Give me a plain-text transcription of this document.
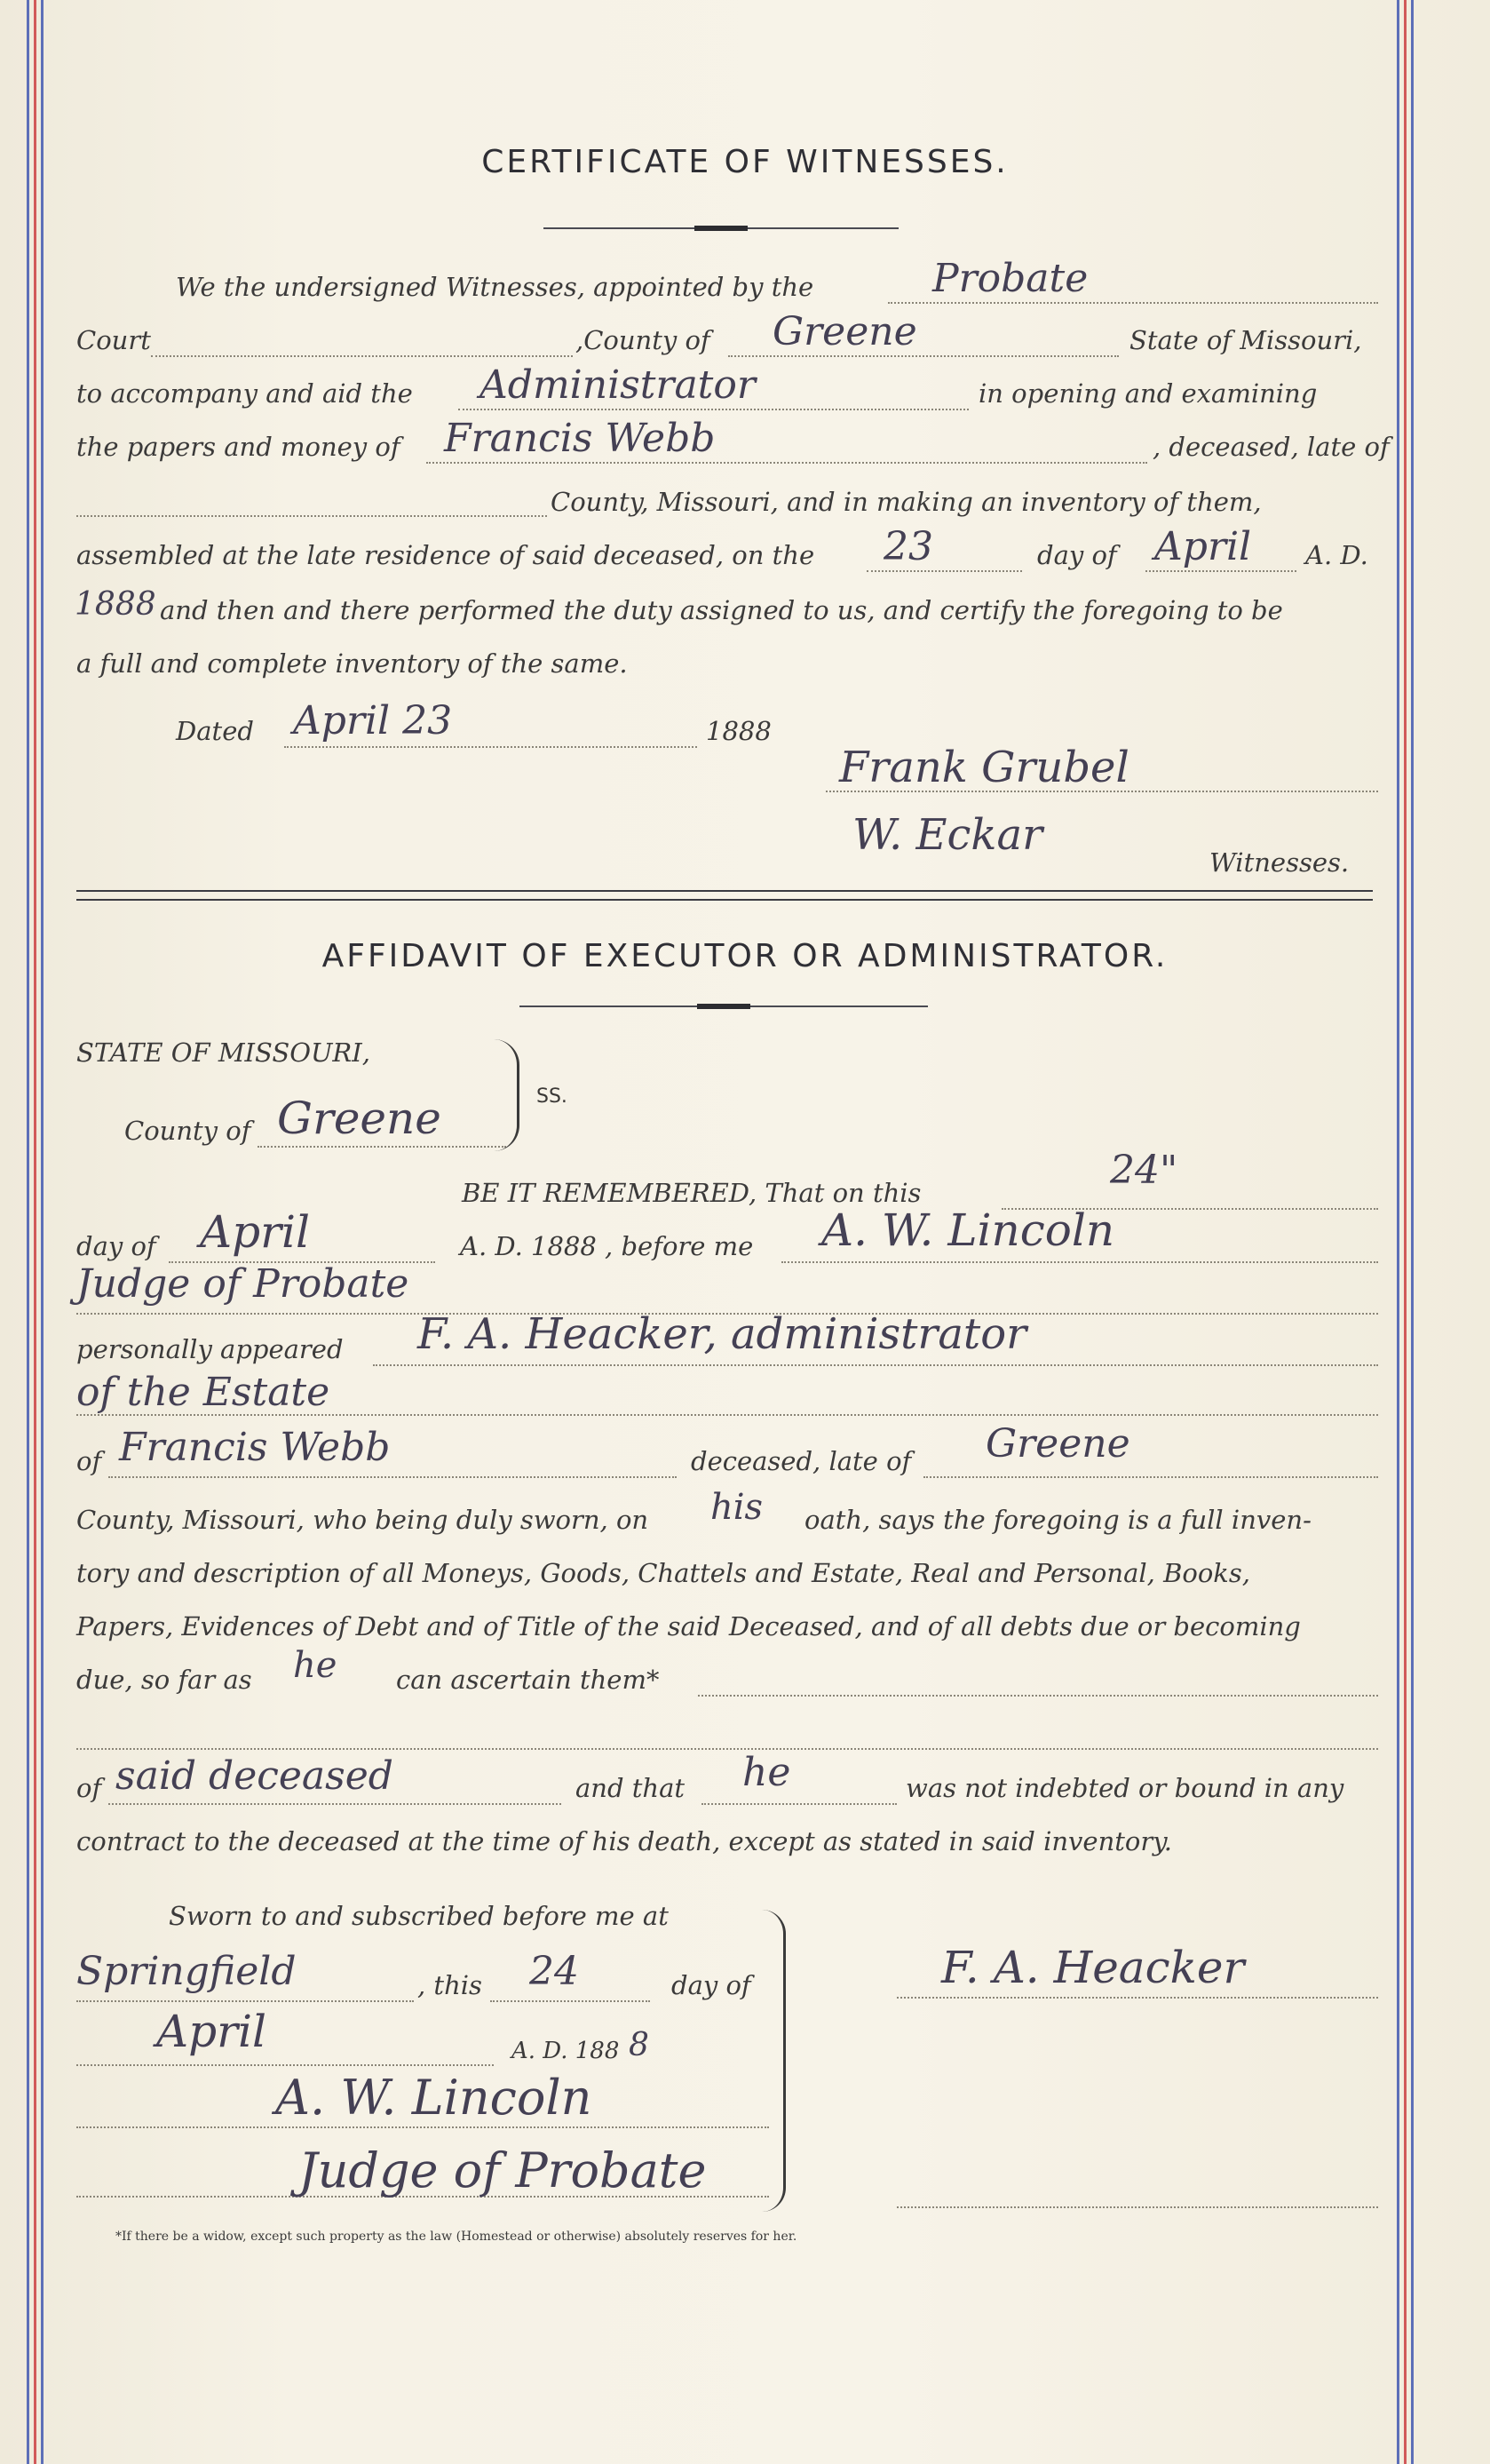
CERTIFICATE OF WITNESSES.
We the undersigned Witnesses, appointed by the	Probate
Court	,County of Greene	State of Missouri,
to accompany and aid the Administrator	in opening and examining
the papers and money of Francis Webb	, deceased, late of
County, Missouri, and in making an inventory of them,
assembled at the late residence of said deceased, on the 23	day of April A. D.
1888 and then and there performed the duty assigned to us, and certify the foregoing to be
a full and complete inventory of the same.
Dated April 23	1888
Frank Grubel
W. Eckar
Witnesses.
AFFIDAVIT OF EXECUTOR OR ADMINISTRATOR.
STATE OF MISSOURI,
County of Greene	SS.
BE IT REMEMBERED, That on this	24"
day of April	A. D. 1888 , before me A. W. Lincoln
Judge of Probate
personally appeared F. A. Heacker, administrator
of the Estate
of Francis Webb	deceased, late of Greene
County, Missouri, who being duly sworn, on his oath, says the foregoing is a full inven-
tory and description of all Moneys, Goods, Chattels and Estate, Real and Personal, Books,
Papers, Evidences of Debt and of Title of the said Deceased, and of all debts due or becoming
due, so far as he can ascertain them*
of said deceased	and that he	was not indebted or bound in any
contract to the deceased at the time of his death, except as stated in said inventory.
Sworn to and subscribed before me at
Springfield	, this 24	day of
April	A. D. 188 8
A. W. Lincoln
Judge of Probate
F. A. Heacker
*If there be a widow, except such property as the law (Homestead or otherwise) absolutely reserves for her.
